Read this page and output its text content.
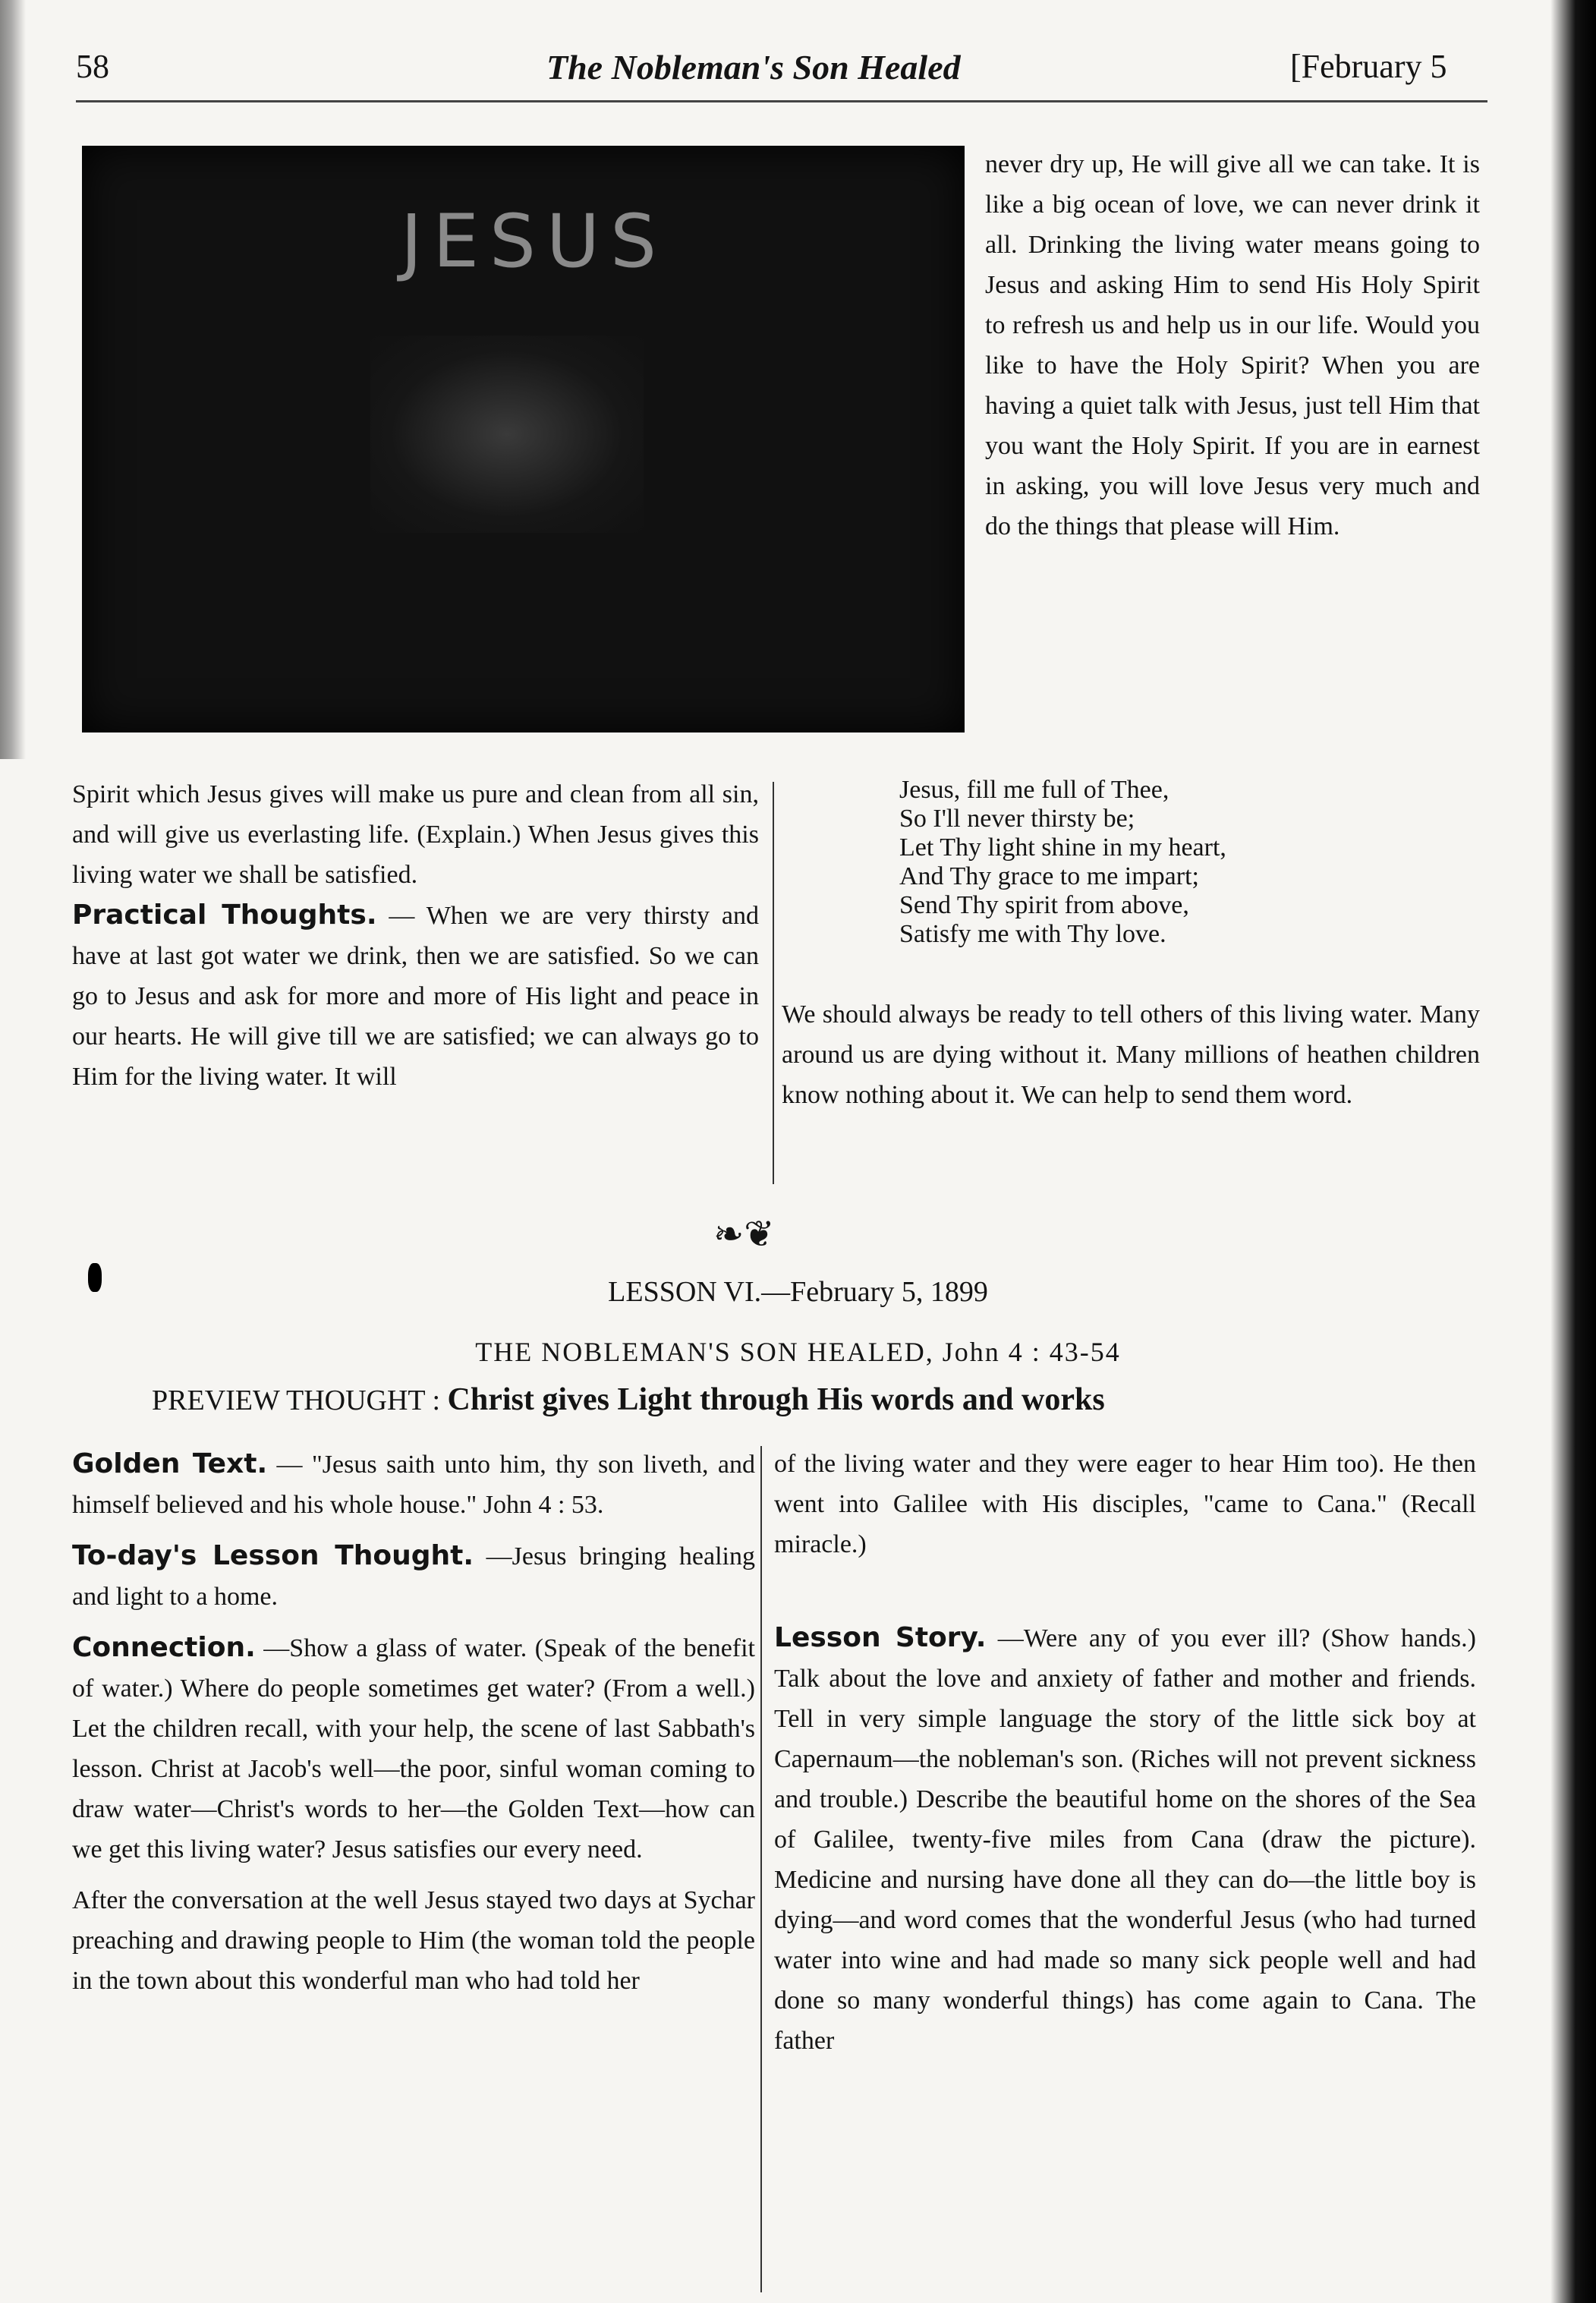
58	The Nobleman's Son Healed	[February 5
JESUS

never dry up, He will give all we can take. It is like a big ocean of love, we can never drink it all. Drinking the living water means going to Jesus and asking Him to send His Holy Spirit to refresh us and help us in our life. Would you like to have the Holy Spirit? When you are having a quiet talk with Jesus, just tell Him that you want the Holy Spirit. If you are in earnest in asking, you will love Jesus very much and do the things that please will Him.

Spirit which Jesus gives will make us pure and clean from all sin, and will give us everlasting life. (Explain.) When Jesus gives this living water we shall be satisfied.

Practical Thoughts. — When we are very thirsty and have at last got water we drink, then we are satisfied. So we can go to Jesus and ask for more and more of His light and peace in our hearts. He will give till we are satisfied; we can always go to Him for the living water. It will

Jesus, fill me full of Thee,
So I'll never thirsty be;
Let Thy light shine in my heart,
And Thy grace to me impart;
Send Thy spirit from above,
Satisfy me with Thy love.

We should always be ready to tell others of this living water. Many around us are dying without it. Many millions of heathen children know nothing about it. We can help to send them word.

❧❦
LESSON VI.—February 5, 1899
THE NOBLEMAN'S SON HEALED, John 4 : 43-54
PREVIEW THOUGHT : Christ gives Light through His words and works

Golden Text. — "Jesus saith unto him, thy son liveth, and himself believed and his whole house." John 4 : 53.

To-day's Lesson Thought. —Jesus bringing healing and light to a home.

Connection. —Show a glass of water. (Speak of the benefit of water.) Where do people sometimes get water? (From a well.) Let the children recall, with your help, the scene of last Sabbath's lesson. Christ at Jacob's well—the poor, sinful woman coming to draw water—Christ's words to her—the Golden Text—how can we get this living water? Jesus satisfies our every need.

After the conversation at the well Jesus stayed two days at Sychar preaching and drawing people to Him (the woman told the people in the town about this wonderful man who had told her

of the living water and they were eager to hear Him too). He then went into Galilee with His disciples, "came to Cana." (Recall miracle.)

Lesson Story. —Were any of you ever ill? (Show hands.) Talk about the love and anxiety of father and mother and friends. Tell in very simple language the story of the little sick boy at Capernaum—the nobleman's son. (Riches will not prevent sickness and trouble.) Describe the beautiful home on the shores of the Sea of Galilee, twenty-five miles from Cana (draw the picture). Medicine and nursing have done all they can do—the little boy is dying—and word comes that the wonderful Jesus (who had turned water into wine and had made so many sick people well and had done so many wonderful things) has come again to Cana. The father
